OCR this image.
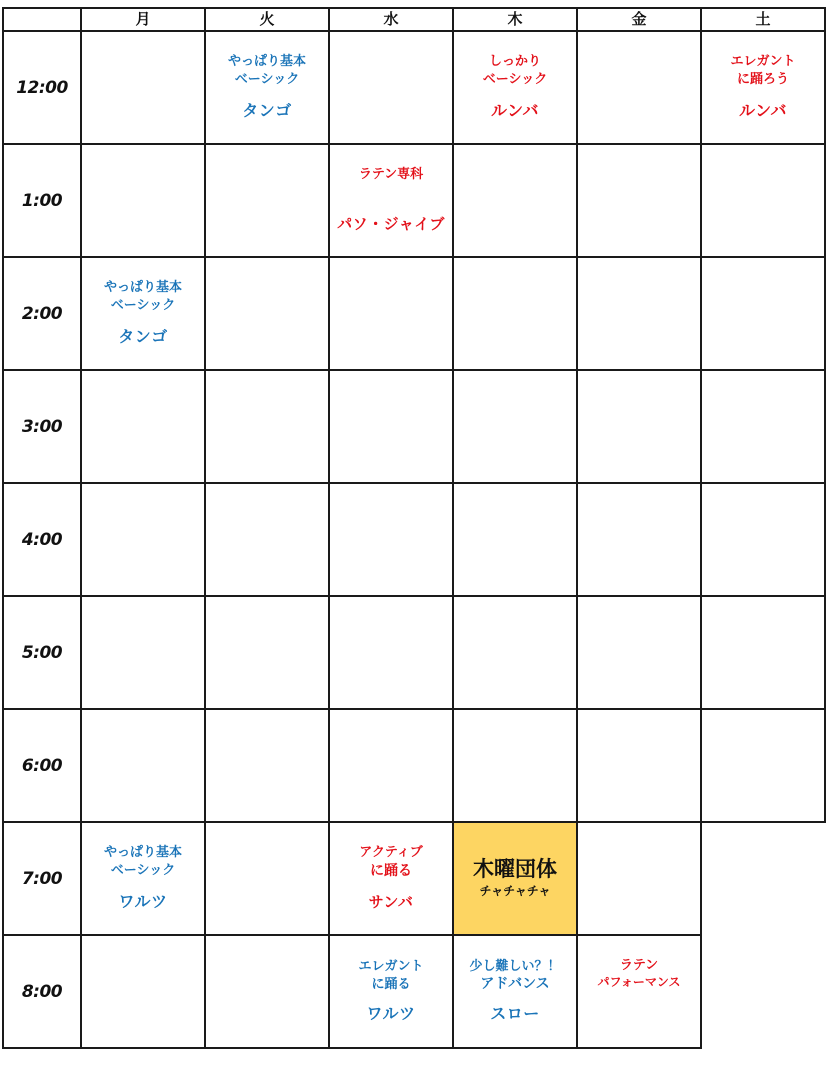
	月	火	水	木	金	土
12:00		やっぱり基本
ベーシック
タンゴ		しっかり
ベーシック
ルンバ		エレガント
に踊ろう
ルンバ

1:00			ラテン専科
パソ・ジャイブ			

2:00	やっぱり基本
ベーシック
タンゴ					

3:00						
4:00						
5:00						
6:00						
7:00	やっぱり基本
ベーシック
ワルツ		アクティブ
に踊る
サンバ	木曜団体
チャチャチャ		

8:00			エレガント
に踊る
ワルツ	少し難しい？！
アドバンス
スロー	ラテン
パフォーマンス	
